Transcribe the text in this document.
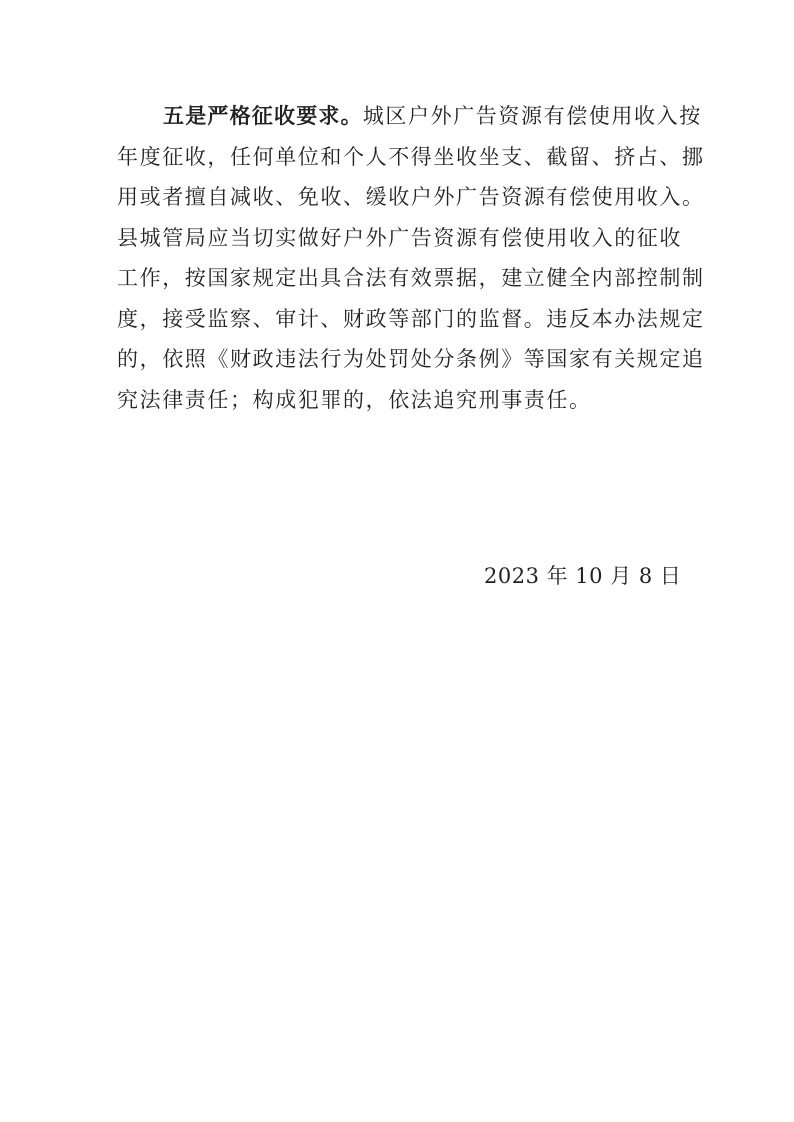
五是严格征收要求。城区户外广告资源有偿使用收入按
年度征收，任何单位和个人不得坐收坐支、截留、挤占、挪
用或者擅自减收、免收、缓收户外广告资源有偿使用收入。
县城管局应当切实做好户外广告资源有偿使用收入的征收
工作，按国家规定出具合法有效票据，建立健全内部控制制
度，接受监察、审计、财政等部门的监督。违反本办法规定
的，依照《财政违法行为处罚处分条例》等国家有关规定追
究法律责任；构成犯罪的，依法追究刑事责任。
2023 年 10 月 8 日
